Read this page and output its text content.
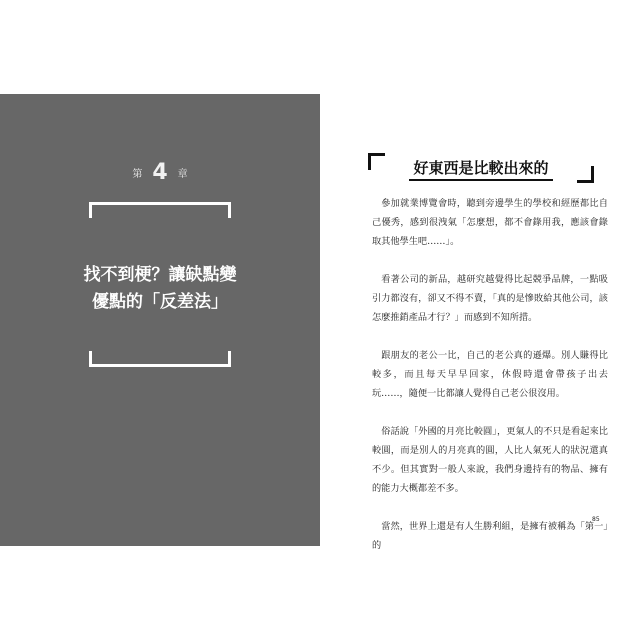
第 4 章
找不到梗？讓缺點變
優點的「反差法」
好東西是比較出來的

參加就業博覽會時，聽到旁邊學生的學校和經歷都比自己優秀，感到很洩氣「怎麼想，都不會錄用我，應該會錄取其他學生吧……」。

看著公司的新品，越研究越覺得比起競爭品牌，一點吸引力都沒有，卻又不得不賣，「真的是慘敗給其他公司，該怎麼推銷產品才行？」而感到不知所措。

跟朋友的老公一比，自己的老公真的遜爆。別人賺得比較多，而且每天早早回家，休假時還會帶孩子出去玩……，隨便一比都讓人覺得自己老公很沒用。

俗話說「外國的月亮比較圓」，更氣人的不只是看起來比較圓，而是別人的月亮真的圓，人比人氣死人的狀況還真不少。但其實對一般人來說，我們身邊持有的物品、擁有的能力大概都差不多。

當然，世界上還是有人生勝利組，是擁有被稱為「第一」的

85
